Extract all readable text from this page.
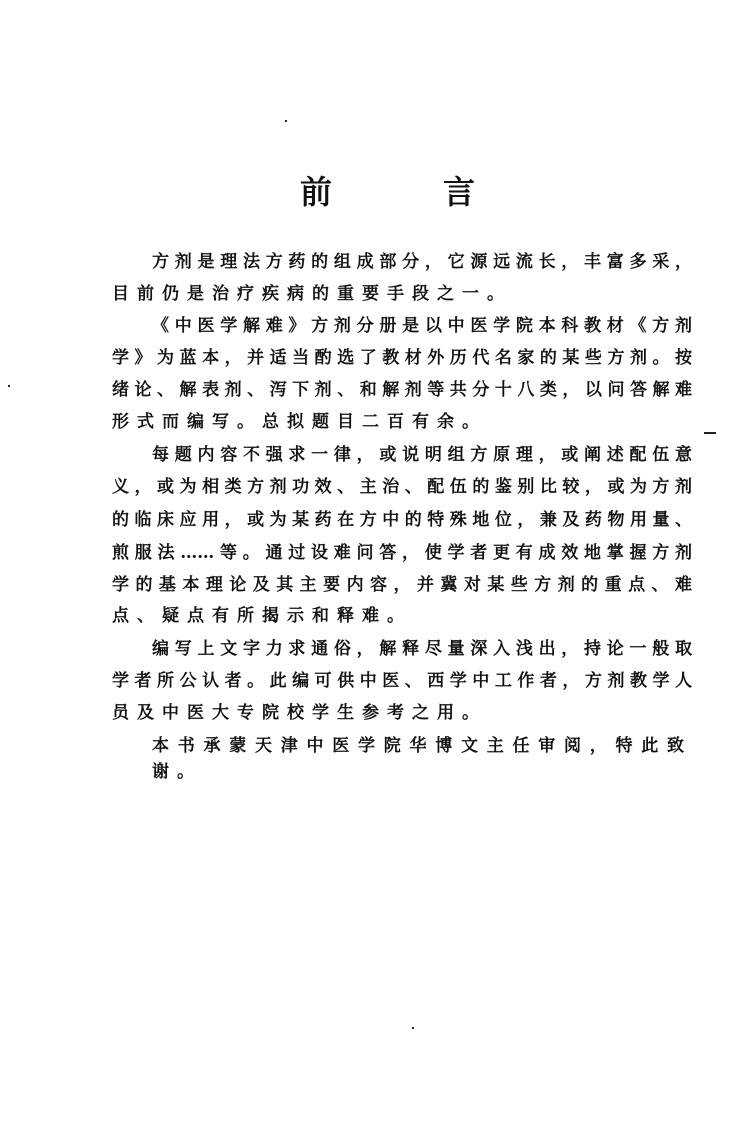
前　言
方剂是理法方药的组成部分，它源远流长，丰富多采，
目前仍是治疗疾病的重要手段之一。
《中医学解难》方剂分册是以中医学院本科教材《方剂
学》为蓝本，并适当酌选了教材外历代名家的某些方剂。按
绪论、解表剂、泻下剂、和解剂等共分十八类，以问答解难
形式而编写。总拟题目二百有余。
每题内容不强求一律，或说明组方原理，或阐述配伍意
义，或为相类方剂功效、主治、配伍的鉴别比较，或为方剂
的临床应用，或为某药在方中的特殊地位，兼及药物用量、
煎服法……等。通过设难问答，使学者更有成效地掌握方剂
学的基本理论及其主要内容，并冀对某些方剂的重点、难
点、疑点有所揭示和释难。
编写上文字力求通俗，解释尽量深入浅出，持论一般取
学者所公认者。此编可供中医、西学中工作者，方剂教学人
员及中医大专院校学生参考之用。
本书承蒙天津中医学院华博文主任审阅，特此致谢。
